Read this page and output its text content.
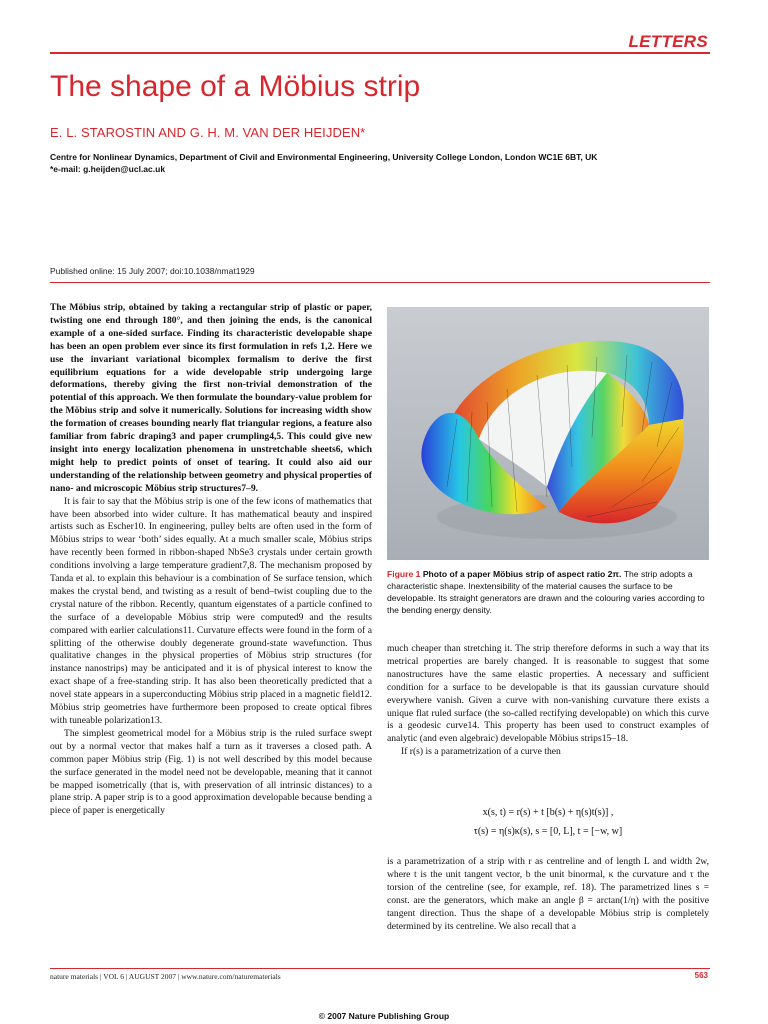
LETTERS
The shape of a Möbius strip
E. L. STAROSTIN AND G. H. M. VAN DER HEIJDEN*
Centre for Nonlinear Dynamics, Department of Civil and Environmental Engineering, University College London, London WC1E 6BT, UK
*e-mail: g.heijden@ucl.ac.uk
Published online: 15 July 2007; doi:10.1038/nmat1929

The Möbius strip, obtained by taking a rectangular strip of plastic or paper, twisting one end through 180°, and then joining the ends, is the canonical example of a one-sided surface. Finding its characteristic developable shape has been an open problem ever since its first formulation in refs 1,2. Here we use the invariant variational bicomplex formalism to derive the first equilibrium equations for a wide developable strip undergoing large deformations, thereby giving the first non-trivial demonstration of the potential of this approach. We then formulate the boundary-value problem for the Möbius strip and solve it numerically. Solutions for increasing width show the formation of creases bounding nearly flat triangular regions, a feature also familiar from fabric draping3 and paper crumpling4,5. This could give new insight into energy localization phenomena in unstretchable sheets6, which might help to predict points of onset of tearing. It could also aid our understanding of the relationship between geometry and physical properties of nano- and microscopic Möbius strip structures7–9.

It is fair to say that the Möbius strip is one of the few icons of mathematics that have been absorbed into wider culture. It has mathematical beauty and inspired artists such as Escher10. In engineering, pulley belts are often used in the form of Möbius strips to wear ‘both’ sides equally. At a much smaller scale, Möbius strips have recently been formed in ribbon-shaped NbSe3 crystals under certain growth conditions involving a large temperature gradient7,8. The mechanism proposed by Tanda et al. to explain this behaviour is a combination of Se surface tension, which makes the crystal bend, and twisting as a result of bend–twist coupling due to the crystal nature of the ribbon. Recently, quantum eigenstates of a particle confined to the surface of a developable Möbius strip were computed9 and the results compared with earlier calculations11. Curvature effects were found in the form of a splitting of the otherwise doubly degenerate ground-state wavefunction. Thus qualitative changes in the physical properties of Möbius strip structures (for instance nanostrips) may be anticipated and it is of physical interest to know the exact shape of a free-standing strip. It has also been theoretically predicted that a novel state appears in a superconducting Möbius strip placed in a magnetic field12. Möbius strip geometries have furthermore been proposed to create optical fibres with tuneable polarization13.

The simplest geometrical model for a Möbius strip is the ruled surface swept out by a normal vector that makes half a turn as it traverses a closed path. A common paper Möbius strip (Fig. 1) is not well described by this model because the surface generated in the model need not be developable, meaning that it cannot be mapped isometrically (that is, with preservation of all intrinsic distances) to a plane strip. A paper strip is to a good approximation developable because bending a piece of paper is energetically

Figure 1 Photo of a paper Möbius strip of aspect ratio 2π. The strip adopts a characteristic shape. Inextensibility of the material causes the surface to be developable. Its straight generators are drawn and the colouring varies according to the bending energy density.

much cheaper than stretching it. The strip therefore deforms in such a way that its metrical properties are barely changed. It is reasonable to suggest that some nanostructures have the same elastic properties. A necessary and sufficient condition for a surface to be developable is that its gaussian curvature should everywhere vanish. Given a curve with non-vanishing curvature there exists a unique flat ruled surface (the so-called rectifying developable) on which this curve is a geodesic curve14. This property has been used to construct examples of analytic (and even algebraic) developable Möbius strips15–18.

If r(s) is a parametrization of a curve then

x(s, t) = r(s) + t [b(s) + η(s)t(s)] ,
τ(s) = η(s)κ(s), s = [0, L], t = [−w, w]

is a parametrization of a strip with r as centreline and of length L and width 2w, where t is the unit tangent vector, b the unit binormal, κ the curvature and τ the torsion of the centreline (see, for example, ref. 18). The parametrized lines s = const. are the generators, which make an angle β = arctan(1/η) with the positive tangent direction. Thus the shape of a developable Möbius strip is completely determined by its centreline. We also recall that a

nature materials | VOL 6 | AUGUST 2007 | www.nature.com/naturematerials	563
© 2007 Nature Publishing Group
